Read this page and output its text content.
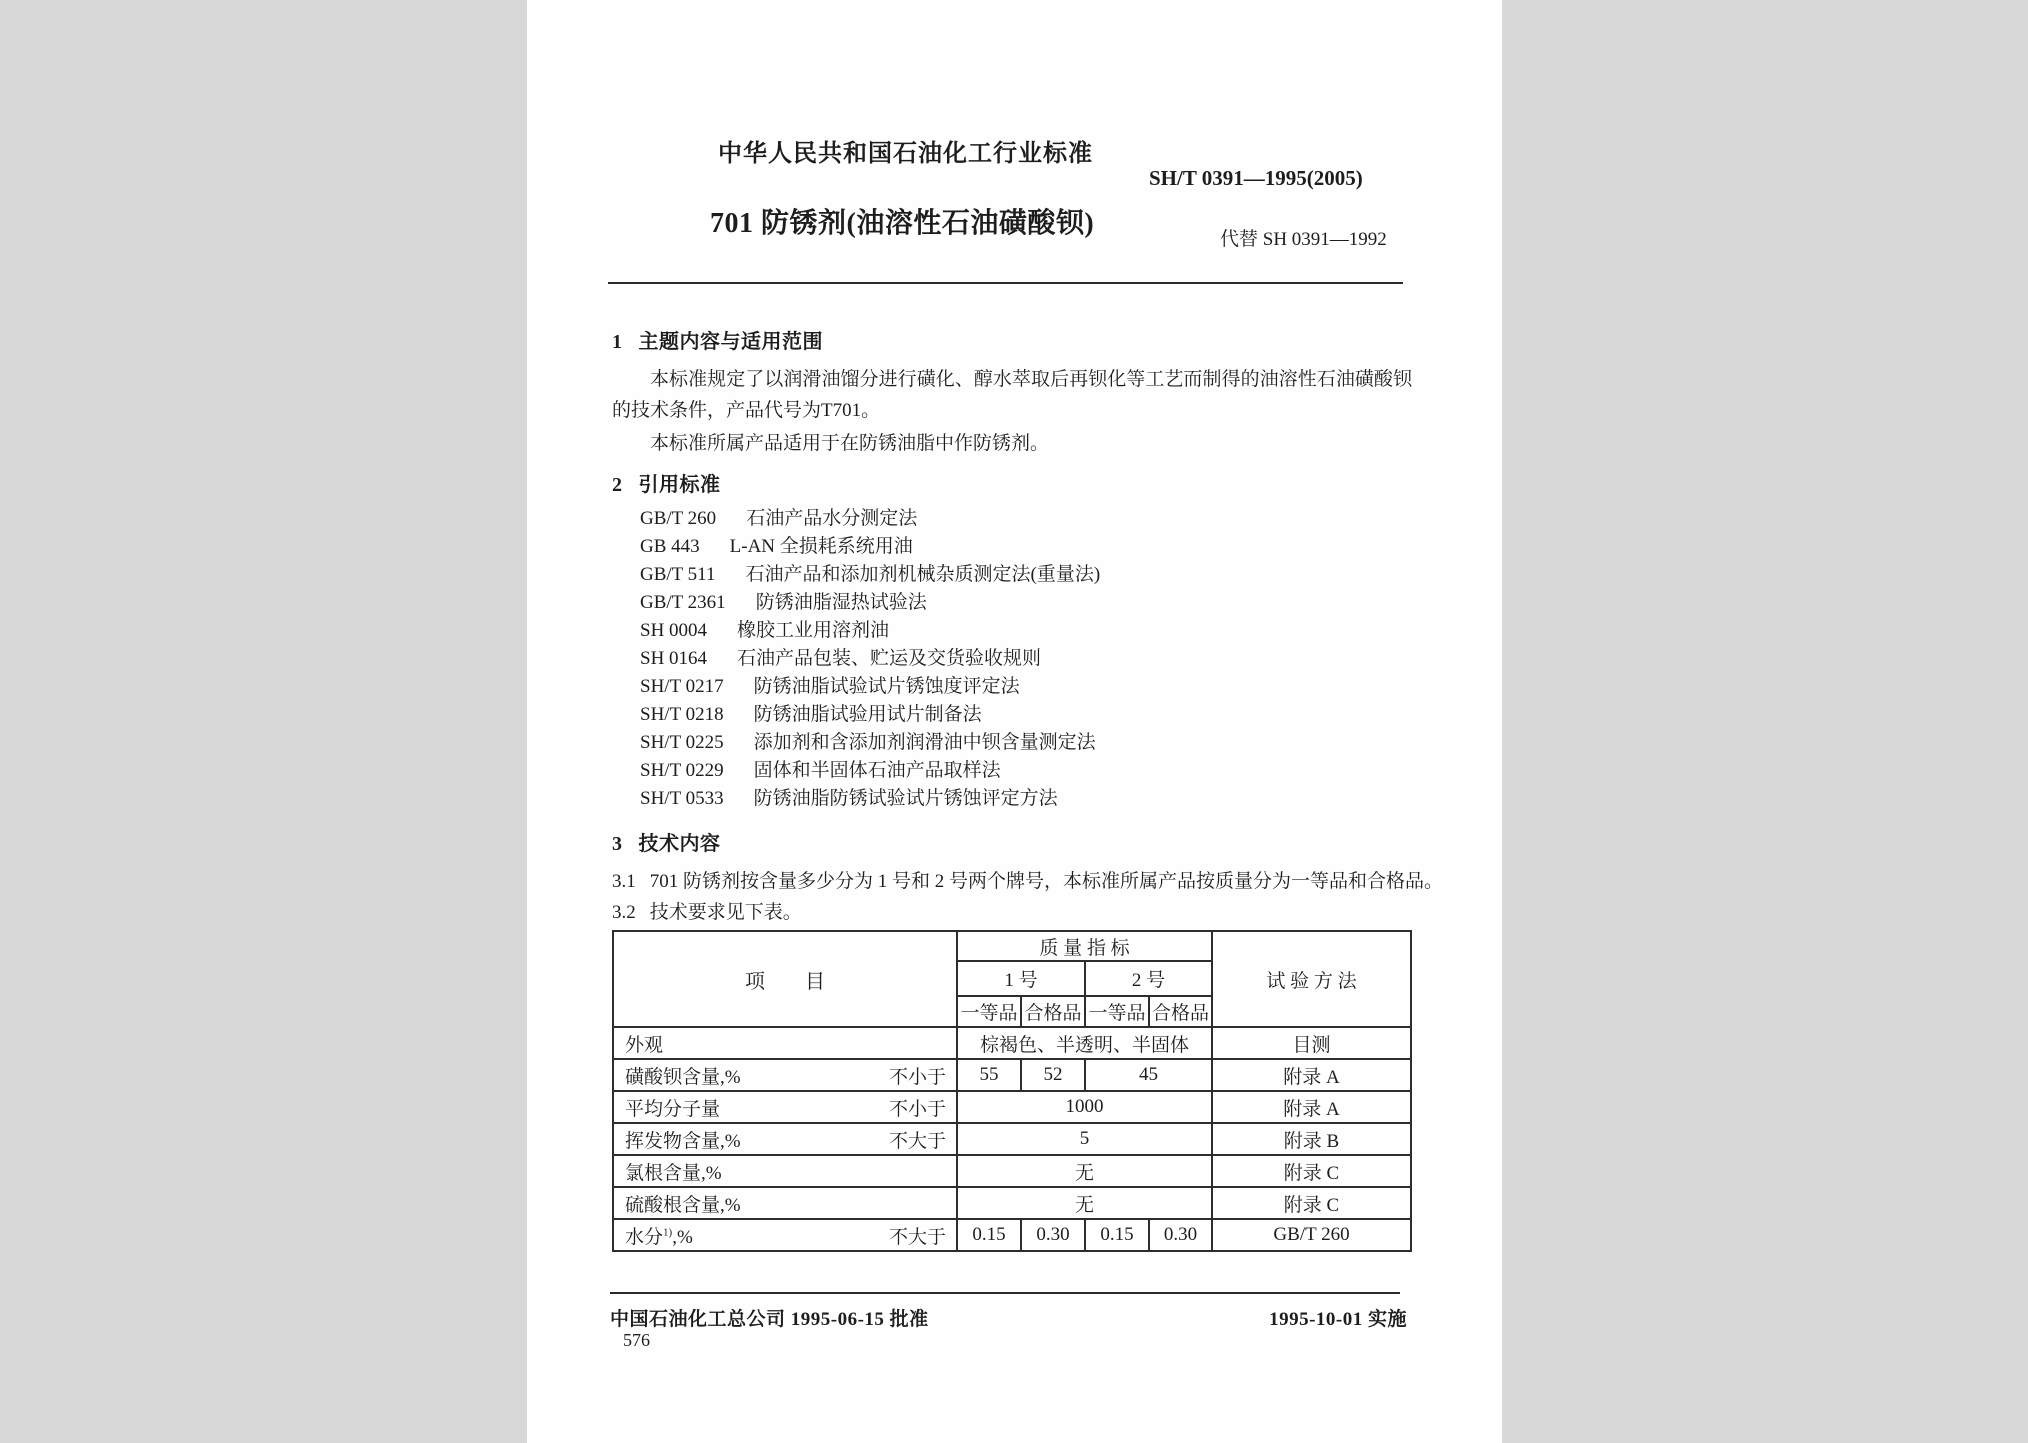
中华人民共和国石油化工行业标准
SH/T 0391—1995(2005)
701 防锈剂(油溶性石油磺酸钡)
代替 SH 0391—1992
1 主题内容与适用范围
本标准规定了以润滑油馏分进行磺化、醇水萃取后再钡化等工艺而制得的油溶性石油磺酸钡的技术条件，产品代号为T701。
本标准所属产品适用于在防锈油脂中作防锈剂。
2 引用标准
GB/T 260 石油产品水分测定法
GB 443 L-AN 全损耗系统用油
GB/T 511 石油产品和添加剂机械杂质测定法(重量法)
GB/T 2361 防锈油脂湿热试验法
SH 0004 橡胶工业用溶剂油
SH 0164 石油产品包装、贮运及交货验收规则
SH/T 0217 防锈油脂试验试片锈蚀度评定法
SH/T 0218 防锈油脂试验用试片制备法
SH/T 0225 添加剂和含添加剂润滑油中钡含量测定法
SH/T 0229 固体和半固体石油产品取样法
SH/T 0533 防锈油脂防锈试验试片锈蚀评定方法
3 技术内容
3.1 701 防锈剂按含量多少分为 1 号和 2 号两个牌号，本标准所属产品按质量分为一等品和合格品。
3.2 技术要求见下表。
项　　目	质 量 指 标				试 验 方 法
	1 号		2 号		
	一等品	合格品	一等品	合格品	

外观	棕褐色、半透明、半固体				目测

磺酸钡含量,% 不小于	55	52	45		附录 A

平均分子量 不小于	1000				附录 A

挥发物含量,% 不大于	5				附录 B

氯根含量,%	无				附录 C

硫酸根含量,%	无				附录 C

水分$^{1)}$,% 不大于	0.15	0.30	0.15	0.30	GB/T 260
中国石油化工总公司 1995-06-15 批准	1995-10-01 实施
576
